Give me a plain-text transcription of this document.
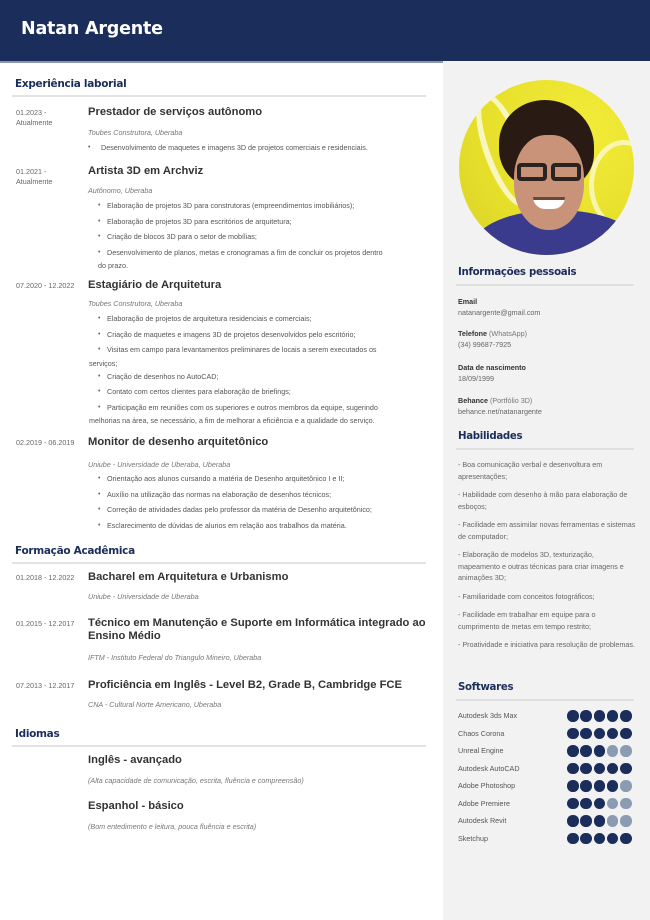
Natan Argente
Experiência laborial
01.2023 - Atualmente
Prestador de serviços autônomo
Toubes Construtora, Uberaba
• Desenvolvimento de maquetes e imagens 3D de projetos comerciais e residenciais.
01.2021 - Atualmente
Artista 3D em Archviz
Autônomo, Uberaba
• Elaboração de projetos 3D para construtoras (empreendimentos imobiliários);
• Elaboração de projetos 3D para escritórios de arquitetura;
• Criação de blocos 3D para o setor de mobílias;
• Desenvolvimento de planos, metas e cronogramas a fim de concluir os projetos dentro
do prazo.
07.2020 - 12.2022	Estagiário de Arquitetura
Toubes Construtora, Uberaba
• Elaboração de projetos de arquitetura residenciais e comerciais;
• Criação de maquetes e imagens 3D de projetos desenvolvidos pelo escritório;
• Visitas em campo para levantamentos preliminares de locais a serem executados os
serviços;
• Criação de desenhos no AutoCAD;
• Contato com certos clientes para elaboração de briefings;
• Participação em reuniões com os superiores e outros membros da equipe, sugerindo
melhorias na área, se necessário, a fim de melhorar a eficiência e a qualidade do serviço.
02.2019 - 06.2019	Monitor de desenho arquitetônico
Uniube - Universidade de Uberaba, Uberaba
• Orientação aos alunos cursando a matéria de Desenho arquitetônico I e II;
• Auxílio na utilização das normas na elaboração de desenhos técnicos;
• Correção de atividades dadas pelo professor da matéria de Desenho arquitetônico;
• Esclarecimento de dúvidas de alunos em relação aos trabalhos da matéria.
Formação Acadêmica
01.2018 - 12.2022	Bacharel em Arquitetura e Urbanismo
Uniube - Universidade de Uberaba
01.2015 - 12.2017	Técnico em Manutenção e Suporte em Informática integrado ao Ensino Médio
IFTM - Instituto Federal do Triangulo Mineiro, Uberaba
07.2013 - 12.2017	Proficiência em Inglês - Level B2, Grade B, Cambridge FCE
CNA - Cultural Norte Americano, Uberaba
Idiomas
Inglês - avançado
(Alta capacidade de comunicação, escrita, fluência e compreensão)
Espanhol - básico
(Bom entedimento e leitura, pouca fluência e escrita)
Informações pessoais
Email
natanargente@gmail.com
Telefone (WhatsApp)
(34) 99687-7925
Data de nascimento
18/09/1999
Behance (Portfólio 3D)
behance.net/natanargente
Habilidades
- Boa comunicação verbal e desenvoltura em apresentações;
- Habilidade com desenho à mão para elaboração de esboços;
- Facilidade em assimilar novas ferramentas e sistemas de computador;
- Elaboração de modelos 3D, texturização, mapeamento e outras técnicas para criar imagens e animações 3D;
- Familiaridade com conceitos fotográficos;
- Facilidade em trabalhar em equipe para o cumprimento de metas em tempo restrito;
- Proatividade e iniciativa para resolução de problemas.
Softwares
Autodesk 3ds Max
Chaos Corona
Unreal Engine
Autodesk AutoCAD
Adobe Photoshop
Adobe Premiere
Autodesk Revit
Sketchup
